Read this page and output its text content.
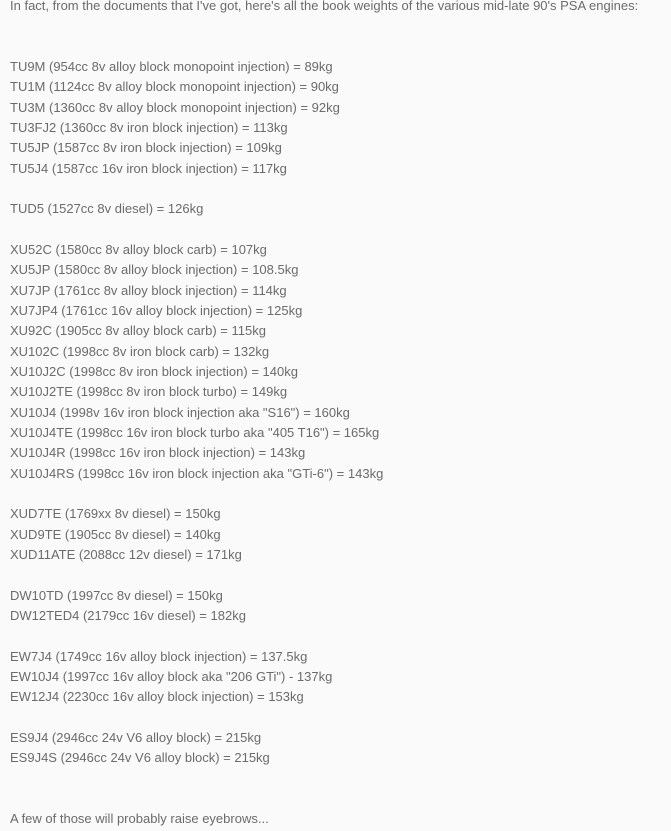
In fact, from the documents that I've got, here's all the book weights of the various mid-late 90's PSA engines:

TU9M (954cc 8v alloy block monopoint injection) = 89kg
TU1M (1124cc 8v alloy block monopoint injection) = 90kg
TU3M (1360cc 8v alloy block monopoint injection) = 92kg
TU3FJ2 (1360cc 8v iron block injection) = 113kg
TU5JP (1587cc 8v iron block injection) = 109kg
TU5J4 (1587cc 16v iron block injection) = 117kg
TUD5 (1527cc 8v diesel) = 126kg
XU52C (1580cc 8v alloy block carb) = 107kg
XU5JP (1580cc 8v alloy block injection) = 108.5kg
XU7JP (1761cc 8v alloy block injection) = 114kg
XU7JP4 (1761cc 16v alloy block injection) = 125kg
XU92C (1905cc 8v alloy block carb) = 115kg
XU102C (1998cc 8v iron block carb) = 132kg
XU10J2C (1998cc 8v iron block injection) = 140kg
XU10J2TE (1998cc 8v iron block turbo) = 149kg
XU10J4 (1998v 16v iron block injection aka "S16") = 160kg
XU10J4TE (1998cc 16v iron block turbo aka "405 T16") = 165kg
XU10J4R (1998cc 16v iron block injection) = 143kg
XU10J4RS (1998cc 16v iron block injection aka "GTi-6") = 143kg
XUD7TE (1769xx 8v diesel) = 150kg
XUD9TE (1905cc 8v diesel) = 140kg
XUD11ATE (2088cc 12v diesel) = 171kg
DW10TD (1997cc 8v diesel) = 150kg
DW12TED4 (2179cc 16v diesel) = 182kg
EW7J4 (1749cc 16v alloy block injection) = 137.5kg
EW10J4 (1997cc 16v alloy block aka "206 GTi") - 137kg
EW12J4 (2230cc 16v alloy block injection) = 153kg
ES9J4 (2946cc 24v V6 alloy block) = 215kg
ES9J4S (2946cc 24v V6 alloy block) = 215kg

A few of those will probably raise eyebrows...
